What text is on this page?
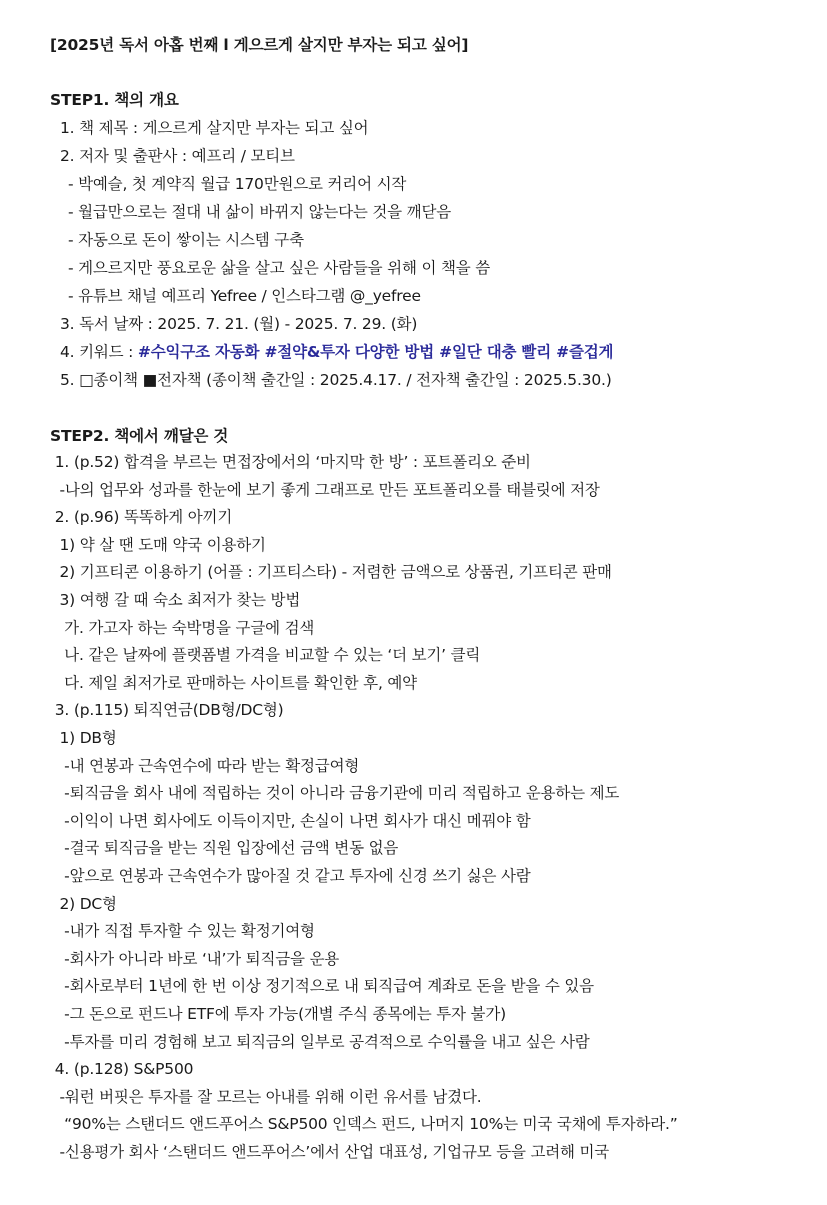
[2025년 독서 아홉 번째 l 게으르게 살지만 부자는 되고 싶어]
STEP1. 책의 개요
1. 책 제목 : 게으르게 살지만 부자는 되고 싶어
2. 저자 및 출판사 : 예프리 / 모티브
- 박예슬, 첫 계약직 월급 170만원으로 커리어 시작
- 월급만으로는 절대 내 삶이 바뀌지 않는다는 것을 깨닫음
- 자동으로 돈이 쌓이는 시스템 구축
- 게으르지만 풍요로운 삶을 살고 싶은 사람들을 위해 이 책을 씀
- 유튜브 채널 예프리 Yefree / 인스타그램 @_yefree
3. 독서 날짜 : 2025. 7. 21. (월) - 2025. 7. 29. (화)
4. 키워드 : #수익구조 자동화 #절약&투자 다양한 방법 #일단 대충 빨리 #즐겁게
5. □종이책 ■전자책 (종이책 출간일 : 2025.4.17. / 전자책 출간일 : 2025.5.30.)
STEP2. 책에서 깨달은 것
1. (p.52) 합격을 부르는 면접장에서의 ‘마지막 한 방’ : 포트폴리오 준비
-나의 업무와 성과를 한눈에 보기 좋게 그래프로 만든 포트폴리오를 태블릿에 저장
2. (p.96) 똑똑하게 아끼기
1) 약 살 땐 도매 약국 이용하기
2) 기프티콘 이용하기 (어플 : 기프티스타) - 저렴한 금액으로 상품권, 기프티콘 판매
3) 여행 갈 때 숙소 최저가 찾는 방법
가. 가고자 하는 숙박명을 구글에 검색
나. 같은 날짜에 플랫폼별 가격을 비교할 수 있는 ‘더 보기’ 클릭
다. 제일 최저가로 판매하는 사이트를 확인한 후, 예약
3. (p.115) 퇴직연금(DB형/DC형)
1) DB형
-내 연봉과 근속연수에 따라 받는 확정급여형
-퇴직금을 회사 내에 적립하는 것이 아니라 금융기관에 미리 적립하고 운용하는 제도
-이익이 나면 회사에도 이득이지만, 손실이 나면 회사가 대신 메꿔야 함
-결국 퇴직금을 받는 직원 입장에선 금액 변동 없음
-앞으로 연봉과 근속연수가 많아질 것 같고 투자에 신경 쓰기 싫은 사람
2) DC형
-내가 직접 투자할 수 있는 확정기여형
-회사가 아니라 바로 ‘내’가 퇴직금을 운용
-회사로부터 1년에 한 번 이상 정기적으로 내 퇴직급여 계좌로 돈을 받을 수 있음
-그 돈으로 펀드나 ETF에 투자 가능(개별 주식 종목에는 투자 불가)
-투자를 미리 경험해 보고 퇴직금의 일부로 공격적으로 수익률을 내고 싶은 사람
4. (p.128) S&P500
-워런 버핏은 투자를 잘 모르는 아내를 위해 이런 유서를 남겼다.
“90%는 스탠더드 앤드푸어스 S&P500 인덱스 펀드, 나머지 10%는 미국 국채에 투자하라.”
-신용평가 회사 ‘스탠더드 앤드푸어스’에서 산업 대표성, 기업규모 등을 고려해 미국
